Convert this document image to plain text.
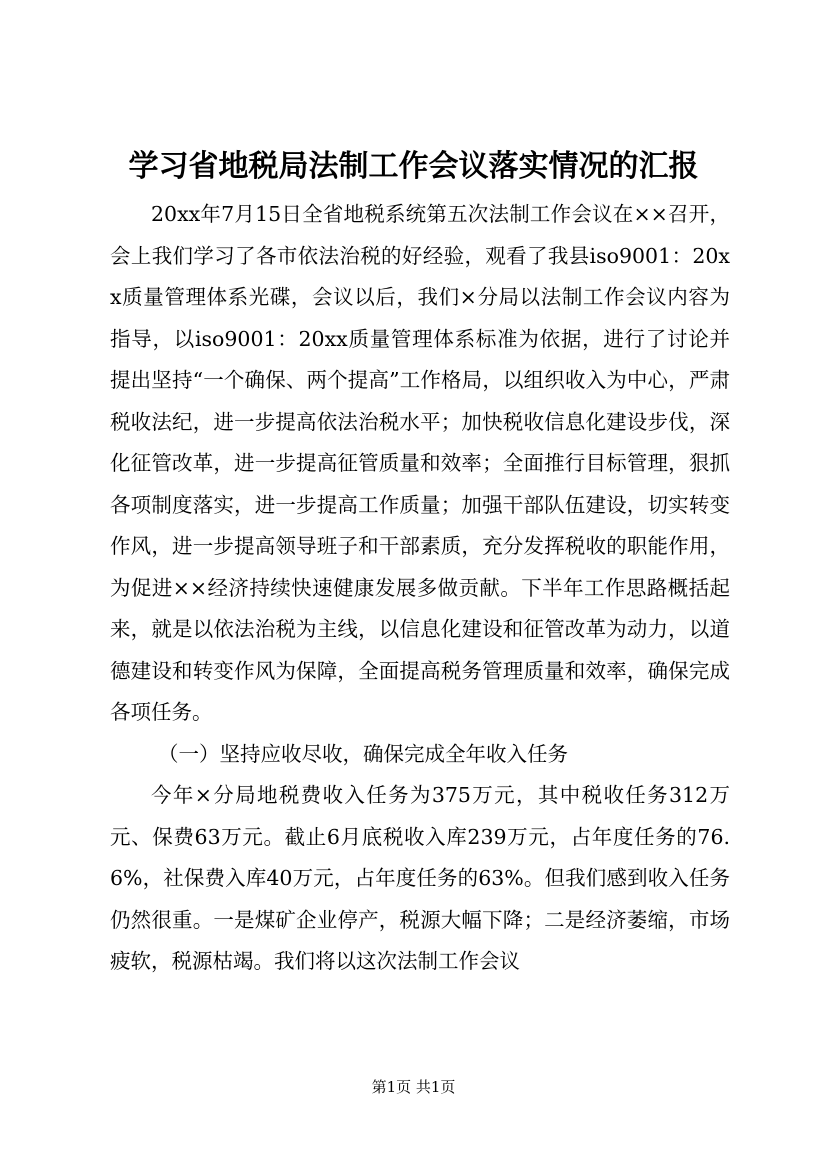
学习省地税局法制工作会议落实情况的汇报

20xx年7月15日全省地税系统第五次法制工作会议在××召开，会上我们学习了各市依法治税的好经验，观看了我县iso9001：20xx质量管理体系光碟，会议以后，我们×分局以法制工作会议内容为指导，以iso9001：20xx质量管理体系标准为依据，进行了讨论并提出坚持“一个确保、两个提高”工作格局，以组织收入为中心，严肃税收法纪，进一步提高依法治税水平；加快税收信息化建设步伐，深化征管改革，进一步提高征管质量和效率；全面推行目标管理，狠抓各项制度落实，进一步提高工作质量；加强干部队伍建设，切实转变作风，进一步提高领导班子和干部素质，充分发挥税收的职能作用，为促进××经济持续快速健康发展多做贡献。下半年工作思路概括起来，就是以依法治税为主线，以信息化建设和征管改革为动力，以道德建设和转变作风为保障，全面提高税务管理质量和效率，确保完成各项任务。

（一）坚持应收尽收，确保完成全年收入任务

今年×分局地税费收入任务为375万元，其中税收任务312万元、保费63万元。截止6月底税收入库239万元，占年度任务的76.6%，社保费入库40万元，占年度任务的63%。但我们感到收入任务仍然很重。一是煤矿企业停产，税源大幅下降；二是经济萎缩，市场疲软，税源枯竭。我们将以这次法制工作会议

第1页 共1页
